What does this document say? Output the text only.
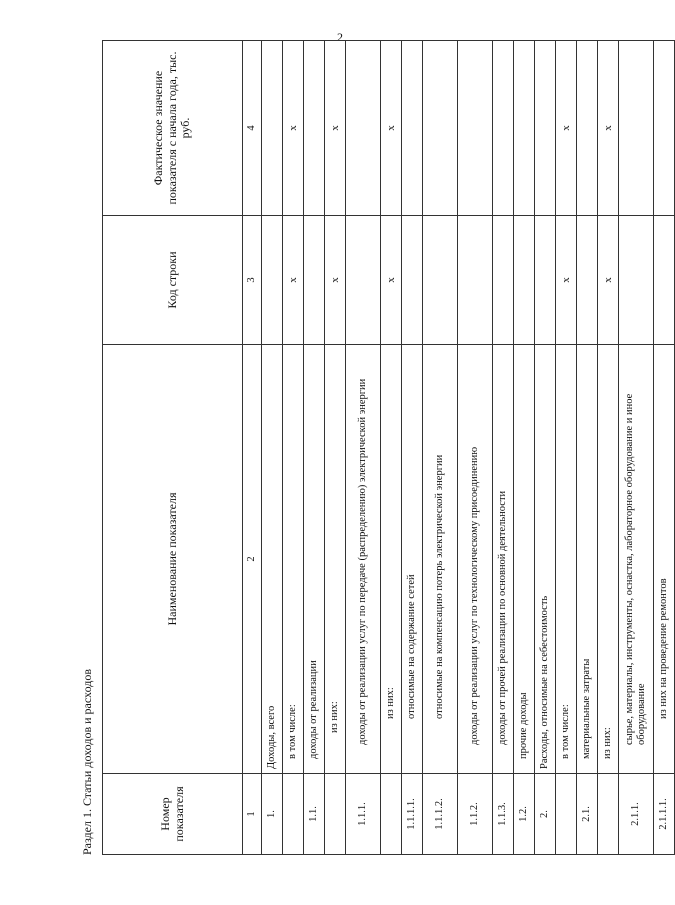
2
Раздел 1. Статьи доходов и расходов	Номер показателя	Наименование показателя	Код строки	Фактическое значение показателя с начала года, тыс. руб.
1	2	3	4
1.	Доходы, всего		
	в том числе:	х	х
1.1.	доходы от реализации		
	из них:	х	х
1.1.1.	доходы от реализации услуг по передаче (распределению) электрической энергии		
	из них:	х	х
1.1.1.1.	относимые на содержание сетей		
1.1.1.2.	относимые на компенсацию потерь электрической энергии		
1.1.2.	доходы от реализации услуг по технологическому присоединению		
1.1.3.	доходы от прочей реализации по основной деятельности		
1.2.	прочие доходы		
2.	Расходы, относимые на себестоимость		
	в том числе:	х	х
2.1.	материальные затраты		
	из них:	х	х
2.1.1.	сырье, материалы, инструменты, оснастка, лабораторное оборудование и иное оборудование		
2.1.1.1.	из них на проведение ремонтов		
